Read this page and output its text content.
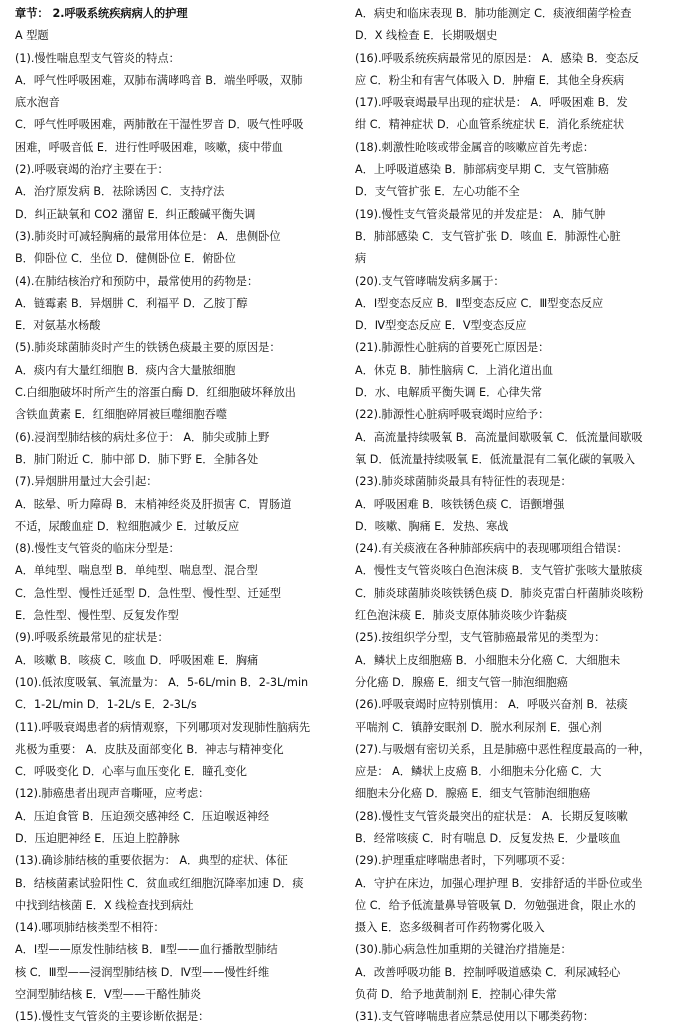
章节： 2.呼吸系统疾病病人的护理
A 型题
(1).慢性喘息型支气管炎的特点：
A．呼气性呼吸困难，双肺布满哮鸣音 B．端坐呼吸，双肺
底水泡音
C．呼气性呼吸困难，两肺散在干湿性罗音 D．吸气性呼吸
困难，呼吸音低 E．进行性呼吸困难，咳嗽，痰中带血
(2).呼吸衰竭的治疗主要在于：
A．治疗原发病 B．祛除诱因 C．支持疗法
D．纠正缺氧和 CO2 潴留 E．纠正酸碱平衡失调
(3).肺炎时可减轻胸痛的最常用体位是： A．患侧卧位
B．仰卧位 C．坐位 D．健侧卧位 E．俯卧位
(4).在肺结核治疗和预防中，最常使用的药物是：
A．链霉素 B．异烟肼 C．利福平 D．乙胺丁醇
E．对氨基水杨酸
(5).肺炎球菌肺炎时产生的铁锈色痰最主要的原因是：
A．痰内有大量红细胞 B．痰内含大量脓细胞
C.白细胞破坏时所产生的溶蛋白酶 D．红细胞破坏释放出
含铁血黄素 E．红细胞碎屑被巨噬细胞吞噬
(6).浸润型肺结核的病灶多位于： A．肺尖或肺上野
B．肺门附近 C．肺中部 D．肺下野 E．全肺各处
(7).异烟肼用量过大会引起：
A．眩晕、听力障碍 B．末梢神经炎及肝损害 C．胃肠道
不适，尿酸血症 D．粒细胞减少 E．过敏反应
(8).慢性支气管炎的临床分型是：
A．单纯型、喘息型 B．单纯型、喘息型、混合型
C．急性型、慢性迁延型 D．急性型、慢性型、迁延型
E．急性型、慢性型、反复发作型
(9).呼吸系统最常见的症状是：
A．咳嗽 B．咳痰 C．咳血 D．呼吸困难 E．胸痛
(10).低浓度吸氧、氧流量为： A．5-6L/min B．2-3L/min
C．1-2L/min D．1-2L/s E．2-3L/s
(11).呼吸衰竭患者的病情观察，下列哪项对发现肺性脑病先
兆极为重要： A．皮肤及面部变化 B．神志与精神变化
C．呼吸变化 D．心率与血压变化 E．瞳孔变化
(12).肺癌患者出现声音嘶哑，应考虑：
A．压迫食管 B．压迫颈交感神经 C．压迫喉返神经
D．压迫肥神经 E．压迫上腔静脉
(13).确诊肺结核的重要依据为： A．典型的症状、体征
B．结核菌素试验阳性 C．贫血或红细胞沉降率加速 D．痰
中找到结核菌 E．X 线检查找到病灶
(14).哪项肺结核类型不相符：
A．Ⅰ型——原发性肺结核 B．Ⅱ型——血行播散型肺结
核 C．Ⅲ型——浸润型肺结核 D．Ⅳ型——慢性纤维
空洞型肺结核 E．Ⅴ型——干酪性肺炎
(15).慢性支气管炎的主要诊断依据是：
A．病史和临床表现 B．肺功能测定 C．痰液细菌学检查
D．X 线检查 E．长期吸烟史
(16).呼吸系统疾病最常见的原因是： A．感染 B．变态反
应 C．粉尘和有害气体吸入 D．肿瘤 E．其他全身疾病
(17).呼吸衰竭最早出现的症状是： A．呼吸困难 B．发
绀 C．精神症状 D．心血管系统症状 E．消化系统症状
(18).刺激性呛咳或带金属音的咳嗽应首先考虑：
A．上呼吸道感染 B．肺部病变早期 C．支气管肺癌
D．支气管扩张 E．左心功能不全
(19).慢性支气管炎最常见的并发症是： A．肺气肿
B．肺部感染 C．支气管扩张 D．咳血 E．肺源性心脏
病
(20).支气管哮喘发病多属于：
A．Ⅰ型变态反应 B．Ⅱ型变态反应 C．Ⅲ型变态反应
D．Ⅳ型变态反应 E．Ⅴ型变态反应
(21).肺源性心脏病的首要死亡原因是：
A．休克 B．肺性脑病 C．上消化道出血
D．水、电解质平衡失调 E．心律失常
(22).肺源性心脏病呼吸衰竭时应给予：
A．高流量持续吸氧 B．高流量间歇吸氧 C．低流量间歇吸
氧 D．低流量持续吸氧 E．低流量混有二氧化碳的氧吸入
(23).肺炎球菌肺炎最具有特征性的表现是：
A．呼吸困难 B．咳铁锈色痰 C．语颤增强
D．咳嗽、胸痛 E．发热、寒战
(24).有关痰液在各种肺部疾病中的表现哪项组合错误：
A．慢性支气管炎咳白色泡沫痰 B．支气管扩张咳大量脓痰
C．肺炎球菌肺炎咳铁锈色痰 D．肺炎克雷白杆菌肺炎咳粉
红色泡沫痰 E．肺炎支原体肺炎咳少许黏痰
(25).按组织学分型，支气管肺癌最常见的类型为：
A．鳞状上皮细胞癌 B．小细胞未分化癌 C．大细胞未
分化癌 D．腺癌 E．细支气管一肺泡细胞癌
(26).呼吸衰竭时应特别慎用： A．呼吸兴奋剂 B．祛痰
平喘剂 C．镇静安眠剂 D．脱水利尿剂 E．强心剂
(27).与吸烟有密切关系，且是肺癌中恶性程度最高的一种，
应是： A．鳞状上皮癌 B．小细胞未分化癌 C．大
细胞未分化癌 D．腺癌 E．细支气管肺泡细胞癌
(28).慢性支气管炎最突出的症状是： A．长期反复咳嗽
B．经常咳痰 C．时有喘息 D．反复发热 E．少量咳血
(29).护理重症哮喘患者时，下列哪项不妥：
A．守护在床边，加强心理护理 B．安排舒适的半卧位或坐
位 C．给予低流量鼻导管吸氧 D．勿勉强进食，限止水的
摄入 E．恣多级稠者可作药物雾化吸入
(30).肺心病急性加重期的关键治疗措施是：
A．改善呼吸功能 B．控制呼吸道感染 C．利尿减轻心
负荷 D．给予地黄制剂 E．控制心律失常
(31).支气管哮喘患者应禁忌使用以下哪类药物：
